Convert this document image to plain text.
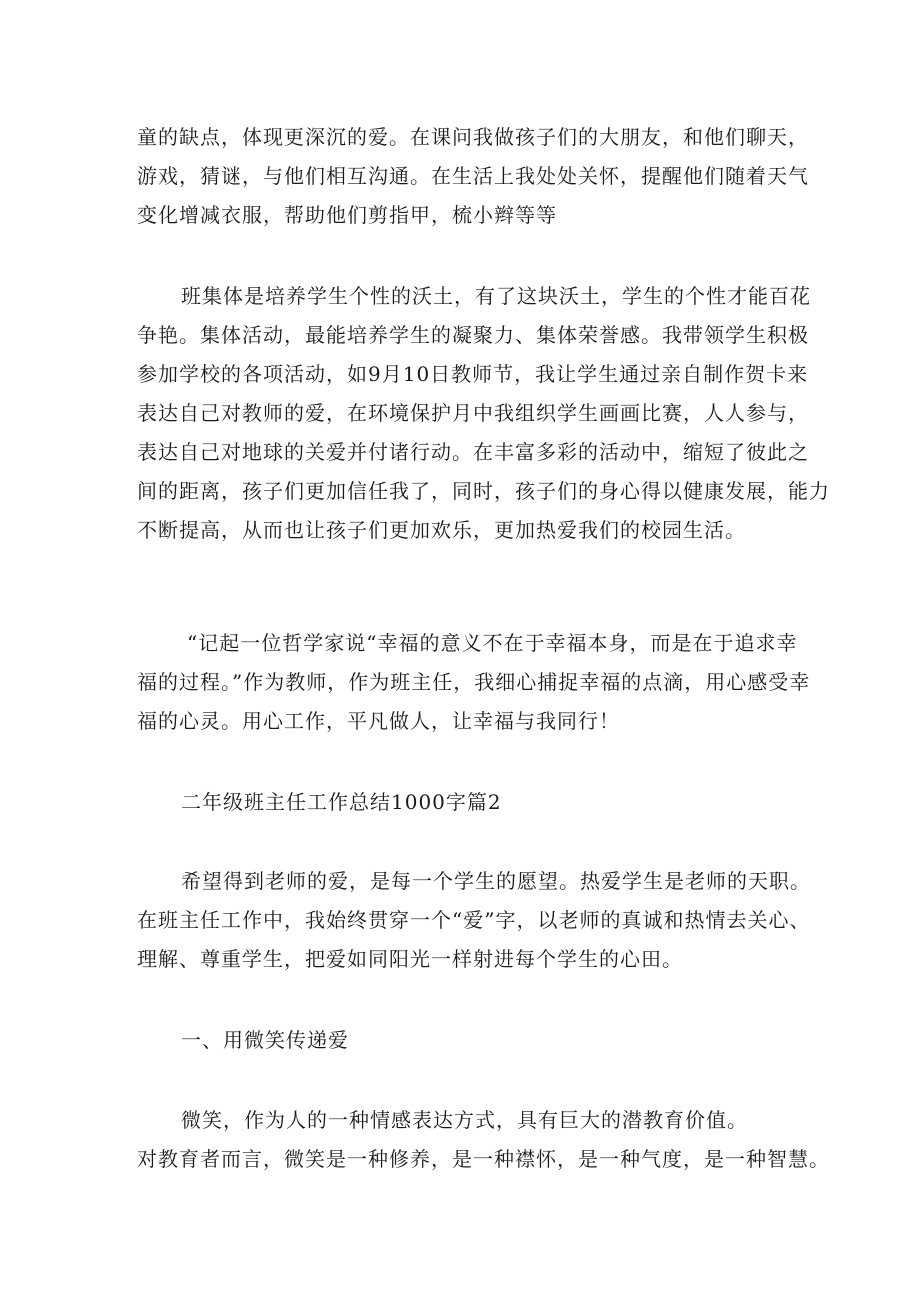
童的缺点，体现更深沉的爱。在课问我做孩子们的大朋友，和他们聊天，
游戏，猜谜，与他们相互沟通。在生活上我处处关怀，提醒他们随着天气
变化增减衣服，帮助他们剪指甲，梳小辫等等
班集体是培养学生个性的沃土，有了这块沃土，学生的个性才能百花
争艳。集体活动，最能培养学生的凝聚力、集体荣誉感。我带领学生积极
参加学校的各项活动，如9月10日教师节，我让学生通过亲自制作贺卡来
表达自己对教师的爱，在环境保护月中我组织学生画画比赛，人人参与，
表达自己对地球的关爱并付诸行动。在丰富多彩的活动中，缩短了彼此之
间的距离，孩子们更加信任我了，同时，孩子们的身心得以健康发展，能力
不断提高，从而也让孩子们更加欢乐，更加热爱我们的校园生活。
“记起一位哲学家说“幸福的意义不在于幸福本身，而是在于追求幸
福的过程。”作为教师，作为班主任，我细心捕捉幸福的点滴，用心感受幸
福的心灵。用心工作，平凡做人，让幸福与我同行！
二年级班主任工作总结1000字篇2
希望得到老师的爱，是每一个学生的愿望。热爱学生是老师的天职。
在班主任工作中，我始终贯穿一个“爱”字，以老师的真诚和热情去关心、
理解、尊重学生，把爱如同阳光一样射进每个学生的心田。
一、用微笑传递爱
微笑，作为人的一种情感表达方式，具有巨大的潜教育价值。
对教育者而言，微笑是一种修养，是一种襟怀，是一种气度，是一种智慧。
